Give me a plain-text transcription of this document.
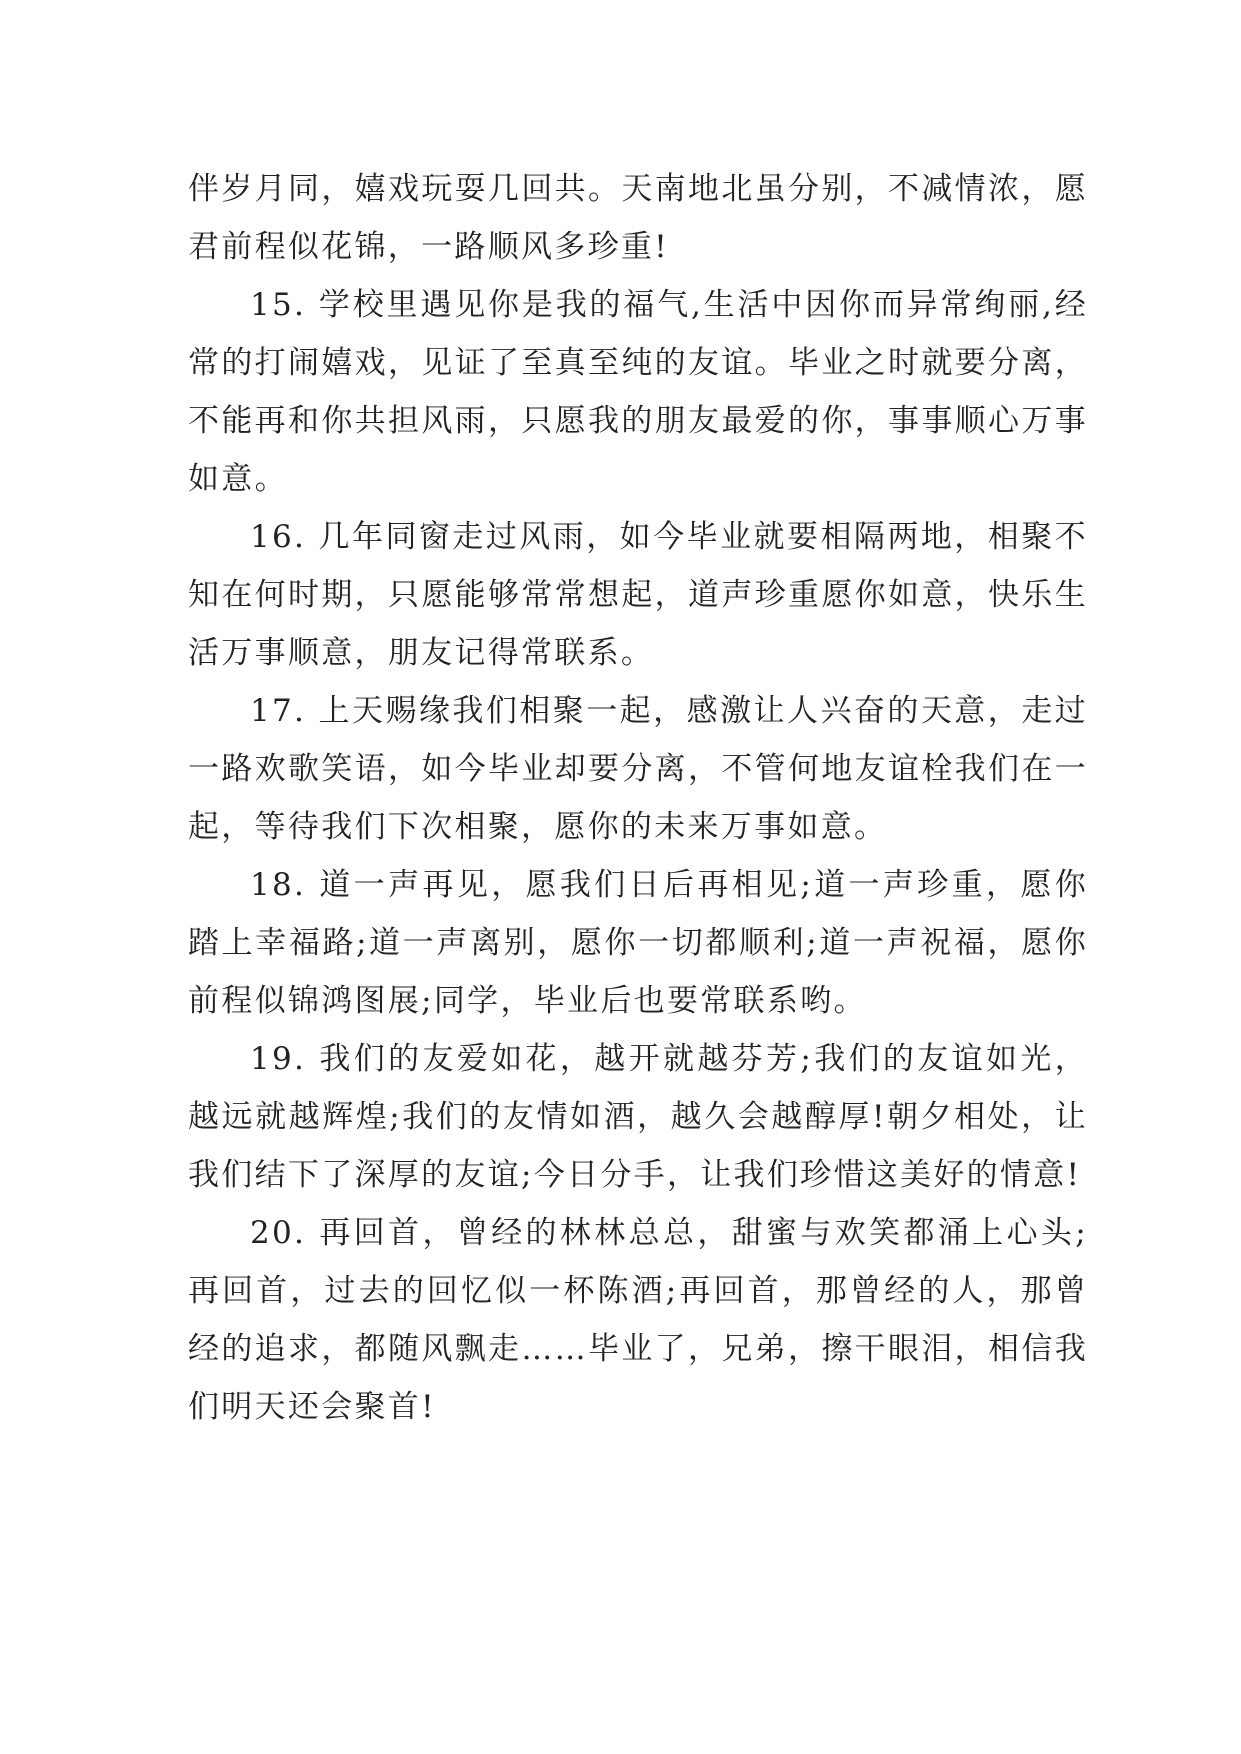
伴岁月同，嬉戏玩耍几回共。天南地北虽分别，不减情浓，愿君前程似花锦，一路顺风多珍重!

15. 学校里遇见你是我的福气,生活中因你而异常绚丽,经常的打闹嬉戏，见证了至真至纯的友谊。毕业之时就要分离，不能再和你共担风雨，只愿我的朋友最爱的你，事事顺心万事如意。

16. 几年同窗走过风雨，如今毕业就要相隔两地，相聚不知在何时期，只愿能够常常想起，道声珍重愿你如意，快乐生活万事顺意，朋友记得常联系。

17. 上天赐缘我们相聚一起，感激让人兴奋的天意，走过一路欢歌笑语，如今毕业却要分离，不管何地友谊栓我们在一起，等待我们下次相聚，愿你的未来万事如意。

18. 道一声再见，愿我们日后再相见;道一声珍重，愿你踏上幸福路;道一声离别，愿你一切都顺利;道一声祝福，愿你前程似锦鸿图展;同学，毕业后也要常联系哟。

19. 我们的友爱如花，越开就越芬芳;我们的友谊如光，越远就越辉煌;我们的友情如酒，越久会越醇厚!朝夕相处，让我们结下了深厚的友谊;今日分手，让我们珍惜这美好的情意!

20. 再回首，曾经的林林总总，甜蜜与欢笑都涌上心头;再回首，过去的回忆似一杯陈酒;再回首，那曾经的人，那曾经的追求，都随风飘走……毕业了，兄弟，擦干眼泪，相信我们明天还会聚首!
